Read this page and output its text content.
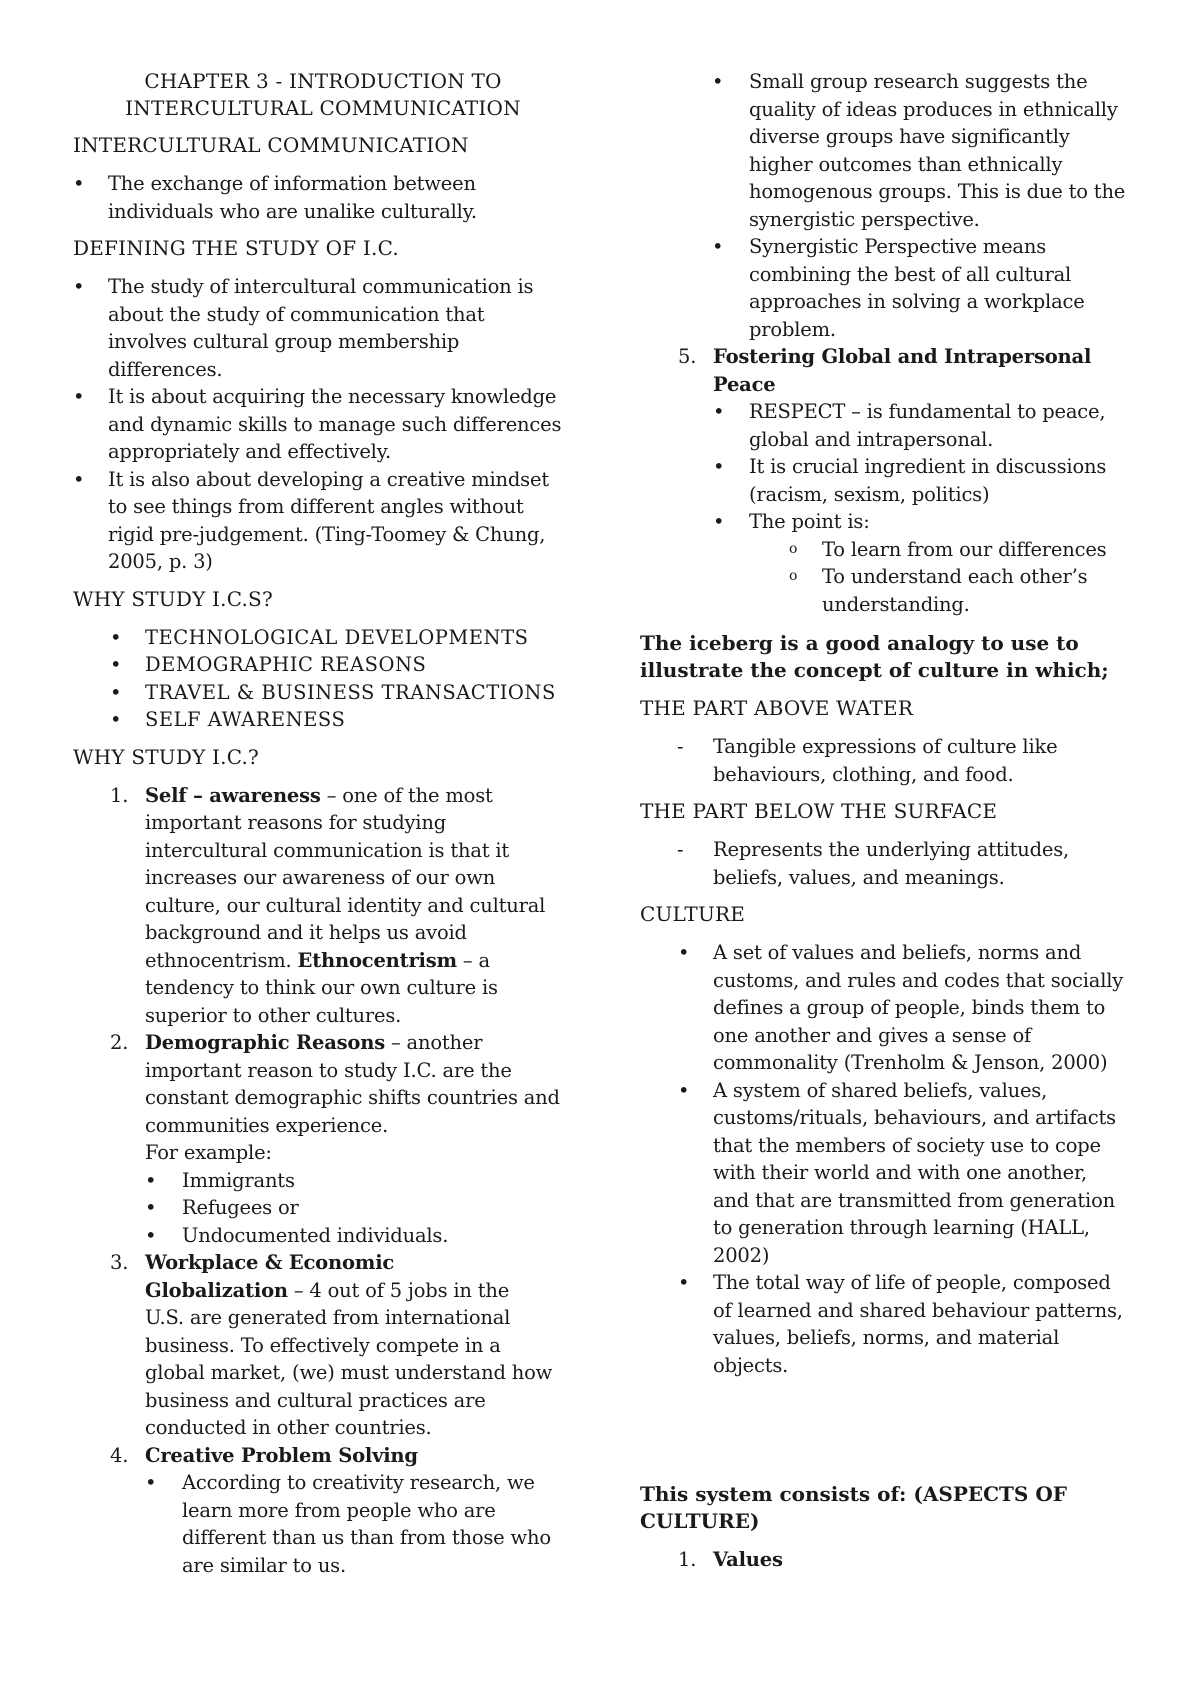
CHAPTER 3 - INTRODUCTION TO
INTERCULTURAL COMMUNICATION
INTERCULTURAL COMMUNICATION
• The exchange of information between
individuals who are unalike culturally.
DEFINING THE STUDY OF I.C.
• The study of intercultural communication is
about the study of communication that
involves cultural group membership
differences.
• It is about acquiring the necessary knowledge
and dynamic skills to manage such differences
appropriately and effectively.
• It is also about developing a creative mindset
to see things from different angles without
rigid pre-judgement. (Ting-Toomey & Chung,
2005, p. 3)
WHY STUDY I.C.S?
• TECHNOLOGICAL DEVELOPMENTS
• DEMOGRAPHIC REASONS
• TRAVEL & BUSINESS TRANSACTIONS
• SELF AWARENESS
WHY STUDY I.C.?
1. Self – awareness – one of the most
important reasons for studying
intercultural communication is that it
increases our awareness of our own
culture, our cultural identity and cultural
background and it helps us avoid
ethnocentrism. Ethnocentrism – a
tendency to think our own culture is
superior to other cultures.
2. Demographic Reasons – another
important reason to study I.C. are the
constant demographic shifts countries and
communities experience.
For example:
• Immigrants
• Refugees or
• Undocumented individuals.
3. Workplace & Economic
Globalization – 4 out of 5 jobs in the
U.S. are generated from international
business. To effectively compete in a
global market, (we) must understand how
business and cultural practices are
conducted in other countries.
4. Creative Problem Solving
• According to creativity research, we
learn more from people who are
different than us than from those who
are similar to us.
• Small group research suggests the
quality of ideas produces in ethnically
diverse groups have significantly
higher outcomes than ethnically
homogenous groups. This is due to the
synergistic perspective.
• Synergistic Perspective means
combining the best of all cultural
approaches in solving a workplace
problem.
5. Fostering Global and Intrapersonal
Peace
• RESPECT – is fundamental to peace,
global and intrapersonal.
• It is crucial ingredient in discussions
(racism, sexism, politics)
• The point is:
o To learn from our differences
o To understand each other’s
understanding.
The iceberg is a good analogy to use to
illustrate the concept of culture in which;
THE PART ABOVE WATER
- Tangible expressions of culture like
behaviours, clothing, and food.
THE PART BELOW THE SURFACE
- Represents the underlying attitudes,
beliefs, values, and meanings.
CULTURE
• A set of values and beliefs, norms and
customs, and rules and codes that socially
defines a group of people, binds them to
one another and gives a sense of
commonality (Trenholm & Jenson, 2000)
• A system of shared beliefs, values,
customs/rituals, behaviours, and artifacts
that the members of society use to cope
with their world and with one another,
and that are transmitted from generation
to generation through learning (HALL,
2002)
• The total way of life of people, composed
of learned and shared behaviour patterns,
values, beliefs, norms, and material
objects.
This system consists of: (ASPECTS OF
CULTURE)
1. Values
